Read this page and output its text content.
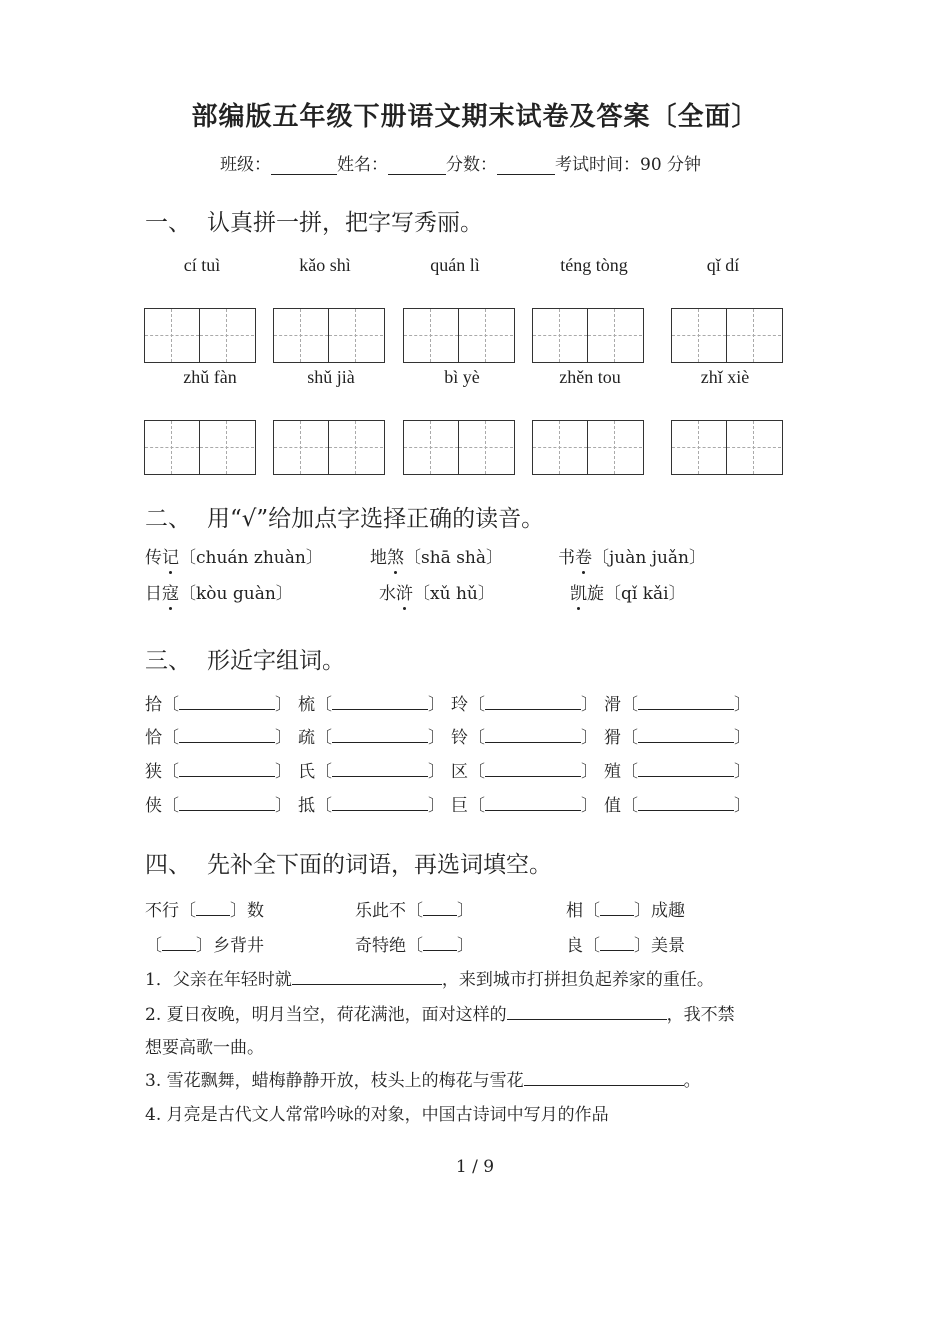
部编版五年级下册语文期末试卷及答案〔全面〕
班级：	姓名：	分数：	考试时间：90 分钟
一、 认真拼一拼，把字写秀丽。
cí tuì	kǎo shì	quán lì	téng tòng	qǐ dí
zhǔ fàn	shǔ jià	bì yè	zhěn tou	zhǐ xiè
二、 用“√”给加点字选择正确的读音。
传记〔chuán zhuàn〕	地煞〔shā shà〕	书卷〔juàn juǎn〕
日寇〔kòu guàn〕	水浒〔xǔ hǔ〕	凯旋〔qǐ kǎi〕
三、 形近字组词。
拾〔	〕 梳〔	〕 玲〔	〕 滑〔	〕
恰〔	〕 疏〔	〕 铃〔	〕 猾〔	〕
狭〔	〕 氏〔	〕 区〔	〕 殖〔	〕
侠〔	〕 抵〔	〕 巨〔	〕 值〔	〕
四、 先补全下面的词语，再选词填空。
不行〔 〕数	乐此不〔 〕	相〔 〕成趣
〔 〕乡背井	奇特绝〔 〕	良〔 〕美景
1．父亲在年轻时就	，来到城市打拼担负起养家的重任。
2. 夏日夜晚，明月当空，荷花满池，面对这样的	，我不禁
想要高歌一曲。
3. 雪花飘舞，蜡梅静静开放，枝头上的梅花与雪花	。
4. 月亮是古代文人常常吟咏的对象，中国古诗词中写月的作品
1 / 9
